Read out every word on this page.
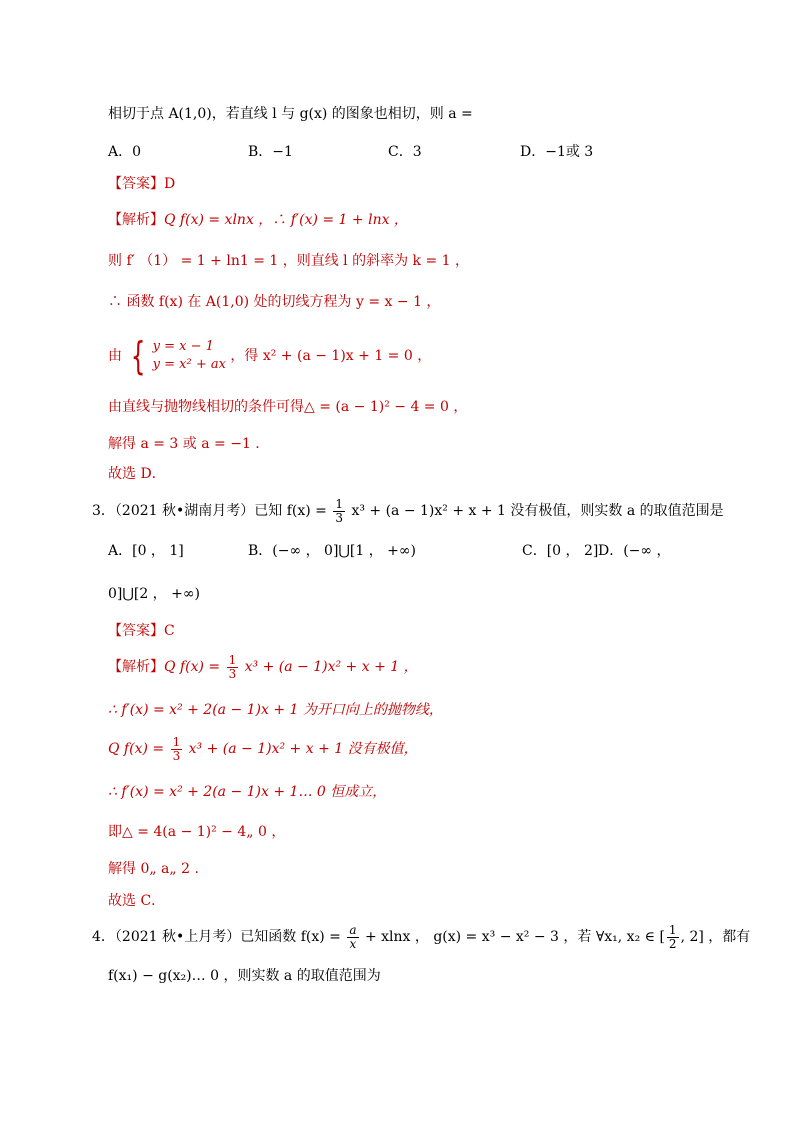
相切于点 A(1,0)，若直线 l 与 g(x) 的图象也相切，则 a =
A．0	B．−1	C．3	D．−1或 3
【答案】D
【解析】Q f(x) = xlnx ，∴ f′(x) = 1 + lnx ，
则 f′ （1） = 1 + ln1 = 1 ，则直线 l 的斜率为 k = 1 ，
∴ 函数 f(x) 在 A(1,0) 处的切线方程为 y = x − 1 ，
由 { y = x − 1
y = x² + ax
，得 x² + (a − 1)x + 1 = 0 ，
由直线与抛物线相切的条件可得△ = (a − 1)² − 4 = 0 ，
解得 a = 3 或 a = −1 .
故选 D．
3．（2021 秋•湖南月考）已知 $f(x) = \frac{1}{3} x^3 + (a - 1)x^2 + x + 1$ 没有极值，则实数 a 的取值范围是
A．[0 ， 1]	B．(−∞ ， 0]⋃[1 ， +∞)	C．[0 ， 2] D．(−∞ ，
0]⋃[2 ， +∞)
【答案】C
【解析】Q $f(x) = \frac{1}{3} x^3 + (a - 1)x^2 + x + 1$ ，
∴ f′(x) = x² + 2(a − 1)x + 1 为开口向上的抛物线，
Q $f(x) = \frac{1}{3} x^3 + (a - 1)x^2 + x + 1$ 没有极值，
∴ f′(x) = x² + 2(a − 1)x + 1… 0 恒成立，
即△ = 4(a − 1)² − 4„ 0 ，
解得 0„ a„ 2 .
故选 C．
4．（2021 秋•上月考）已知函数 $f(x) = \frac{a}{x} + xlnx$ ， g(x) = x³ − x² − 3 ，若 ∀x₁, x₂ ∈ [ $\frac{1}{2}$ , 2] ，都有
f(x₁) − g(x₂)… 0 ，则实数 a 的取值范围为
